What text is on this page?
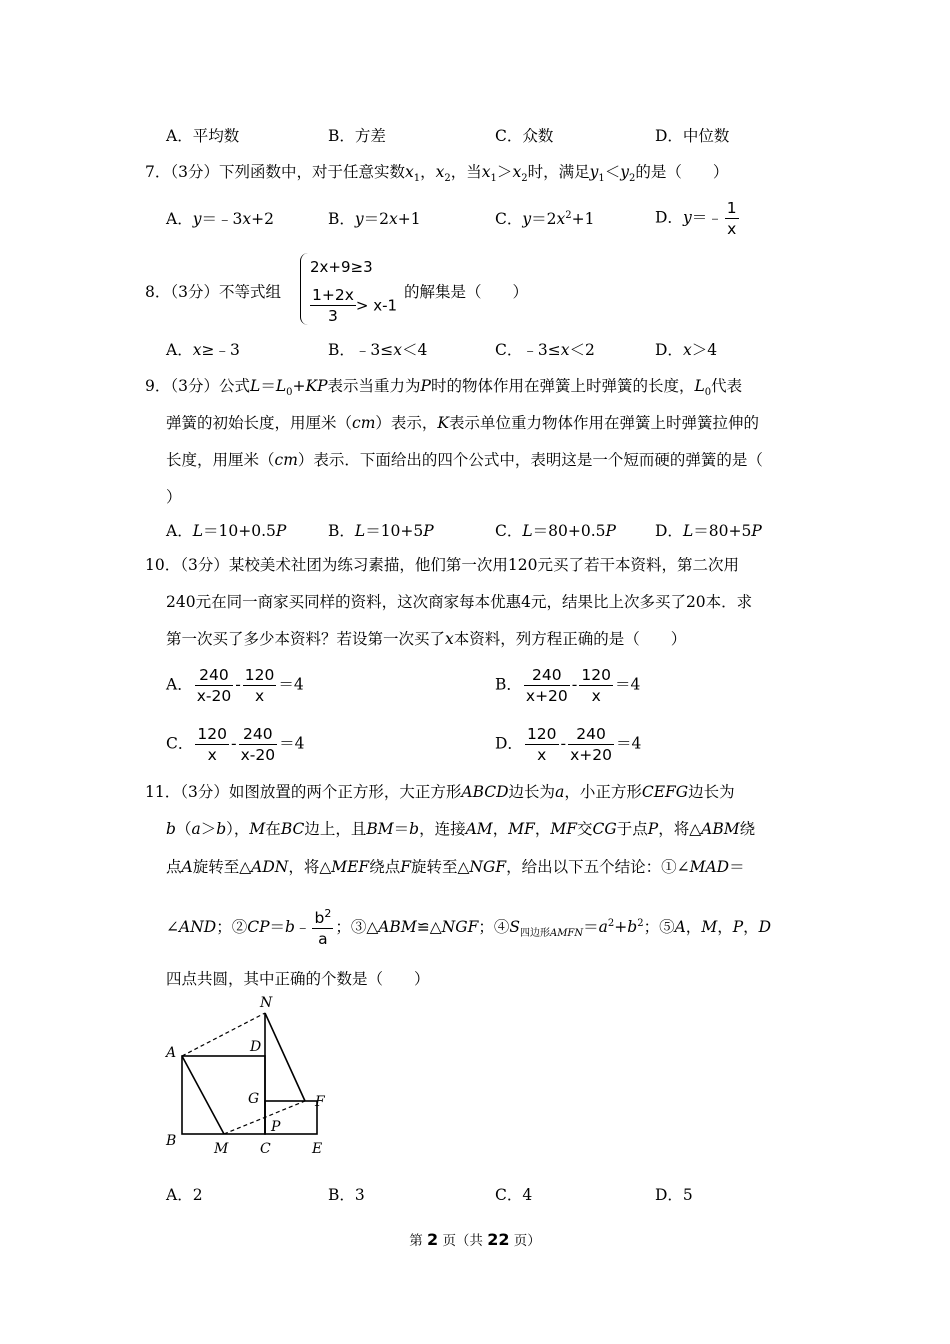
A．平均数	B．方差	C．众数	D．中位数
7．（3分）下列函数中，对于任意实数$x_1$，$x_2$，当$x_1>x_2$时，满足$y_1<y_2$的是（　　）
A．y＝﹣3x+2	B．y＝2x+1	C．$y=2x^2+1$	D．y＝﹣ $\frac{1}{x}$
8．（3分）不等式组
2x+9≥3
$\frac{1+2x}{3} > x-1$
的解集是（　　）
A．x≥﹣3	B．﹣3≤x＜4	C．﹣3≤x＜2	D．x＞4
9．（3分）公式$L=L_0+KP$表示当重力为P时的物体作用在弹簧上时弹簧的长度，$L_0$代表
弹簧的初始长度，用厘米（cm）表示，K表示单位重力物体作用在弹簧上时弹簧拉伸的
长度，用厘米（cm）表示．下面给出的四个公式中，表明这是一个短而硬的弹簧的是（
）
A．L＝10+0.5P	B．L＝10+5P	C．L＝80+0.5P	D．L＝80+5P
10．（3分）某校美术社团为练习素描，他们第一次用120元买了若干本资料，第二次用
240元在同一商家买同样的资料，这次商家每本优惠4元，结果比上次多买了20本．求
第一次买了多少本资料？若设第一次买了x本资料，列方程正确的是（　　）
A． $\frac{240}{x-20} - \frac{120}{x} =4$	B． $\frac{240}{x+20} - \frac{120}{x} =4$
C． $\frac{120}{x} - \frac{240}{x-20} =4$	D． $\frac{120}{x} - \frac{240}{x+20} =4$
11．（3分）如图放置的两个正方形，大正方形ABCD边长为a，小正方形CEFG边长为
b（a＞b），M在BC边上，且BM＝b，连接AM，MF，MF交CG于点P，将△ABM绕
点A旋转至△ADN，将△MEF绕点F旋转至△NGF，给出以下五个结论：①∠MAD＝
∠AND；②CP＝b﹣ $\frac{b^2}{a}$ ；③△ABM≌△NGF；$④S_{四边形AMFN}=a^2+b^2$；⑤A，M，P，D
四点共圆，其中正确的个数是（　　）
A
B	C
D
E
F
G
M
N
P
A．2	B．3	C．4	D．5
第 2 页（共 22 页）
